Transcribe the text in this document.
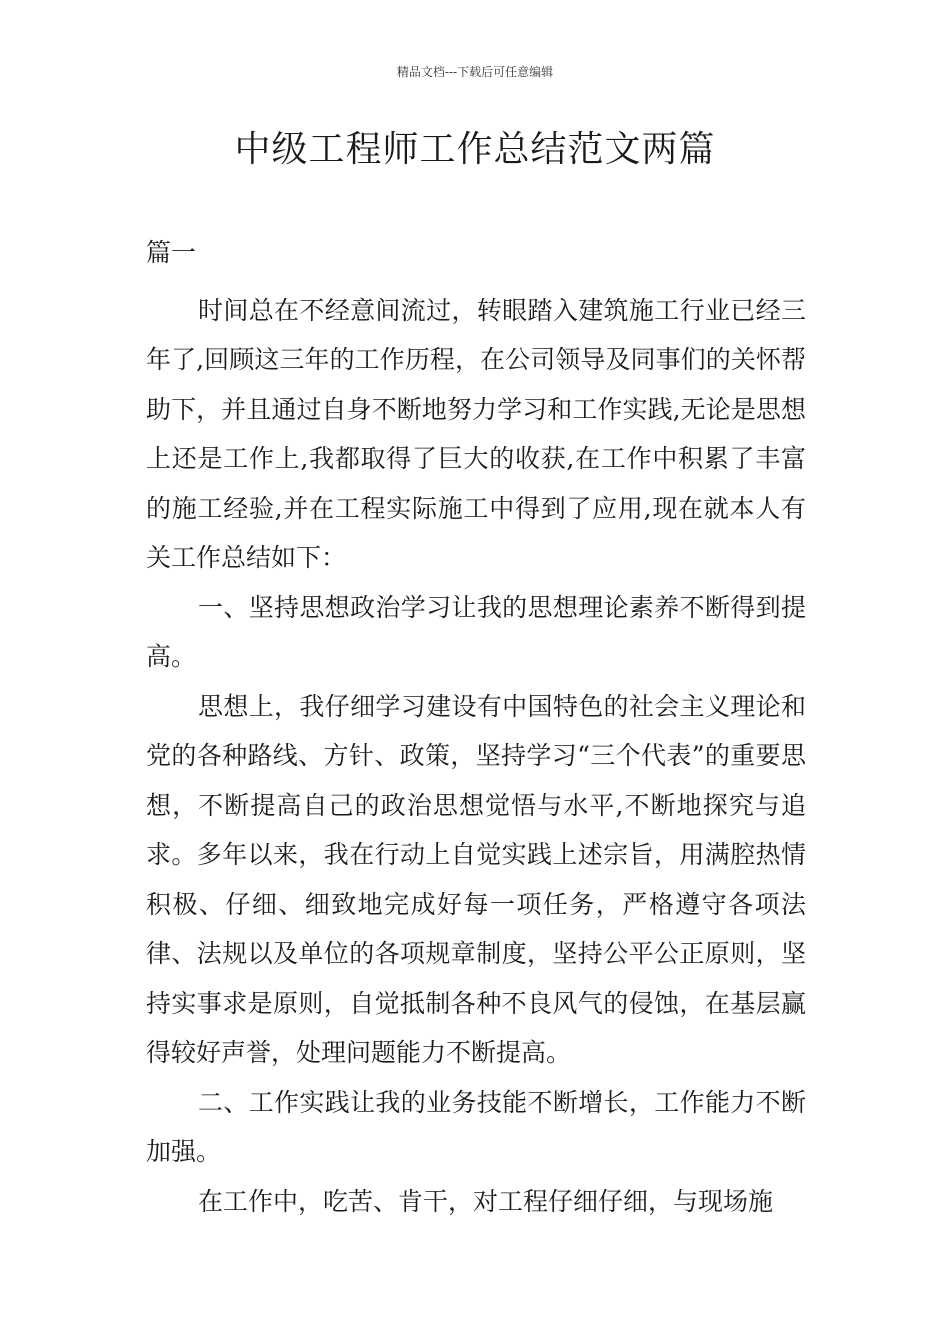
精品文档---下载后可任意编辑
中级工程师工作总结范文两篇

篇一

时间总在不经意间流过，转眼踏入建筑施工行业已经三年了,回顾这三年的工作历程，在公司领导及同事们的关怀帮助下，并且通过自身不断地努力学习和工作实践,无论是思想上还是工作上,我都取得了巨大的收获,在工作中积累了丰富的施工经验,并在工程实际施工中得到了应用,现在就本人有关工作总结如下：

一、坚持思想政治学习让我的思想理论素养不断得到提高。

思想上，我仔细学习建设有中国特色的社会主义理论和党的各种路线、方针、政策，坚持学习“三个代表”的重要思想，不断提高自己的政治思想觉悟与水平,不断地探究与追求。多年以来，我在行动上自觉实践上述宗旨，用满腔热情积极、仔细、细致地完成好每一项任务，严格遵守各项法律、法规以及单位的各项规章制度，坚持公平公正原则，坚持实事求是原则，自觉抵制各种不良风气的侵蚀，在基层赢得较好声誉，处理问题能力不断提高。

二、工作实践让我的业务技能不断增长，工作能力不断加强。

在工作中，吃苦、肯干，对工程仔细仔细，与现场施
